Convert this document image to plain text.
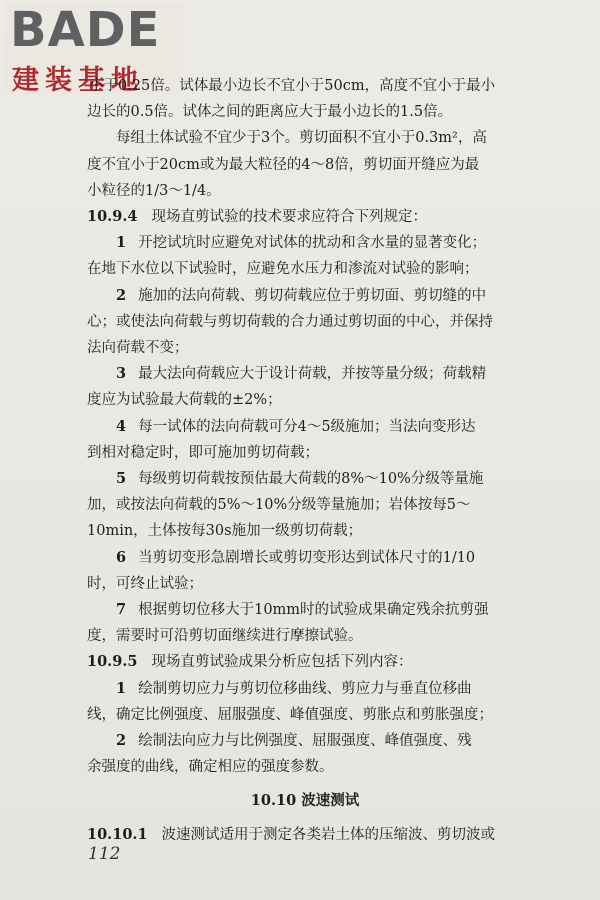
BADE
建装基地
小于0.25倍。试体最小边长不宜小于50cm，高度不宜小于最小
边长的0.5倍。试体之间的距离应大于最小边长的1.5倍。
每组土体试验不宜少于3个。剪切面积不宜小于0.3m²，高
度不宜小于20cm或为最大粒径的4～8倍，剪切面开缝应为最
小粒径的1/3～1/4。
10.9.4 现场直剪试验的技术要求应符合下列规定：
1 开挖试坑时应避免对试体的扰动和含水量的显著变化；
在地下水位以下试验时，应避免水压力和渗流对试验的影响；
2 施加的法向荷载、剪切荷载应位于剪切面、剪切缝的中
心；或使法向荷载与剪切荷载的合力通过剪切面的中心，并保持
法向荷载不变；
3 最大法向荷载应大于设计荷载，并按等量分级；荷载精
度应为试验最大荷载的±2%；
4 每一试体的法向荷载可分4～5级施加；当法向变形达
到相对稳定时，即可施加剪切荷载；
5 每级剪切荷载按预估最大荷载的8%～10%分级等量施
加，或按法向荷载的5%～10%分级等量施加；岩体按每5～
10min，土体按每30s施加一级剪切荷载；
6 当剪切变形急剧增长或剪切变形达到试体尺寸的1/10
时，可终止试验；
7 根据剪切位移大于10mm时的试验成果确定残余抗剪强
度，需要时可沿剪切面继续进行摩擦试验。
10.9.5 现场直剪试验成果分析应包括下列内容：
1 绘制剪切应力与剪切位移曲线、剪应力与垂直位移曲
线，确定比例强度、屈服强度、峰值强度、剪胀点和剪胀强度；
2 绘制法向应力与比例强度、屈服强度、峰值强度、残
余强度的曲线，确定相应的强度参数。
10.10 波速测试
10.10.1 波速测试适用于测定各类岩土体的压缩波、剪切波或
112
